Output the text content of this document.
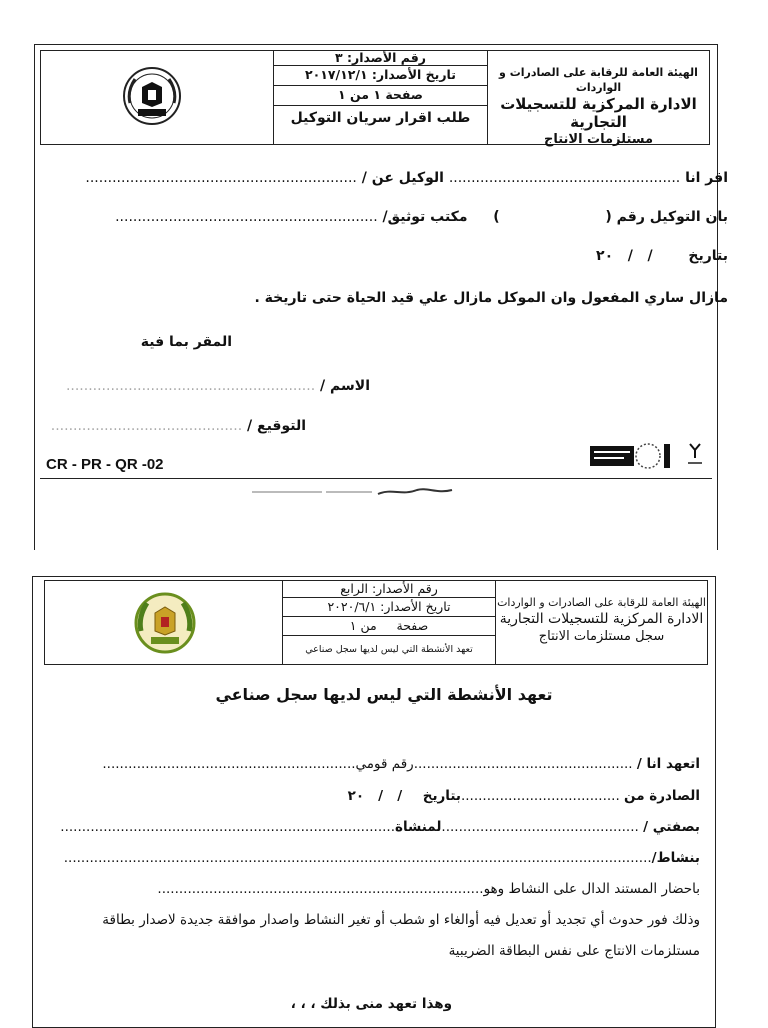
الهيئة العامة للرقابة على الصادرات و الواردات
الادارة المركزية للتسجيلات التجارية
مستلزمات الانتاج
رقم الأصدار: ٣
تاريخ الأصدار: ٢٠١٧/١٢/١
صفحة ١ من ١
طلب اقرار سريان التوكيل
اقر انا .................................................... الوكيل عن / .............................................................
بان التوكيل رقم (  )  مكتب توثيق/ ...........................................................
بتاريخ  /   /   ٢٠
مازال ساري المفعول وان الموكل مازال علي قيد الحياة حتى تاريخة .
المقر بما فية
الاسم / ........................................................
التوقيع / ...........................................
CR - PR - QR -02
الهيئة العامة للرقابة على الصادرات و الواردات
الادارة المركزية للتسجيلات التجارية
سجل مستلزمات الانتاج
رقم الأصدار: الرابع
تاريخ الأصدار: ٢٠٢٠/٦/١
صفحة     من ١
تعهد الأنشطة التي ليس لديها سجل صناعي
تعهد الأنشطة التي ليس لديها سجل صناعي
اتعهد انا / ...................................................رقم قومي...........................................................
الصادرة من .....................................بتاريخ  /   /   ٢٠
بصفتي / ..............................................لمنشاة..............................................................................
بنشاط/.........................................................................................................................................
باحضار المستند الدال على النشاط وهو............................................................................
وذلك فور حدوث أي تجديد أو تعديل فيه أوالغاء او شطب أو تغير النشاط واصدار موافقة جديدة لاصدار بطاقة
مستلزمات الانتاج على نفس البطاقة الضريبية
وهذا تعهد منى بذلك ، ، ،
